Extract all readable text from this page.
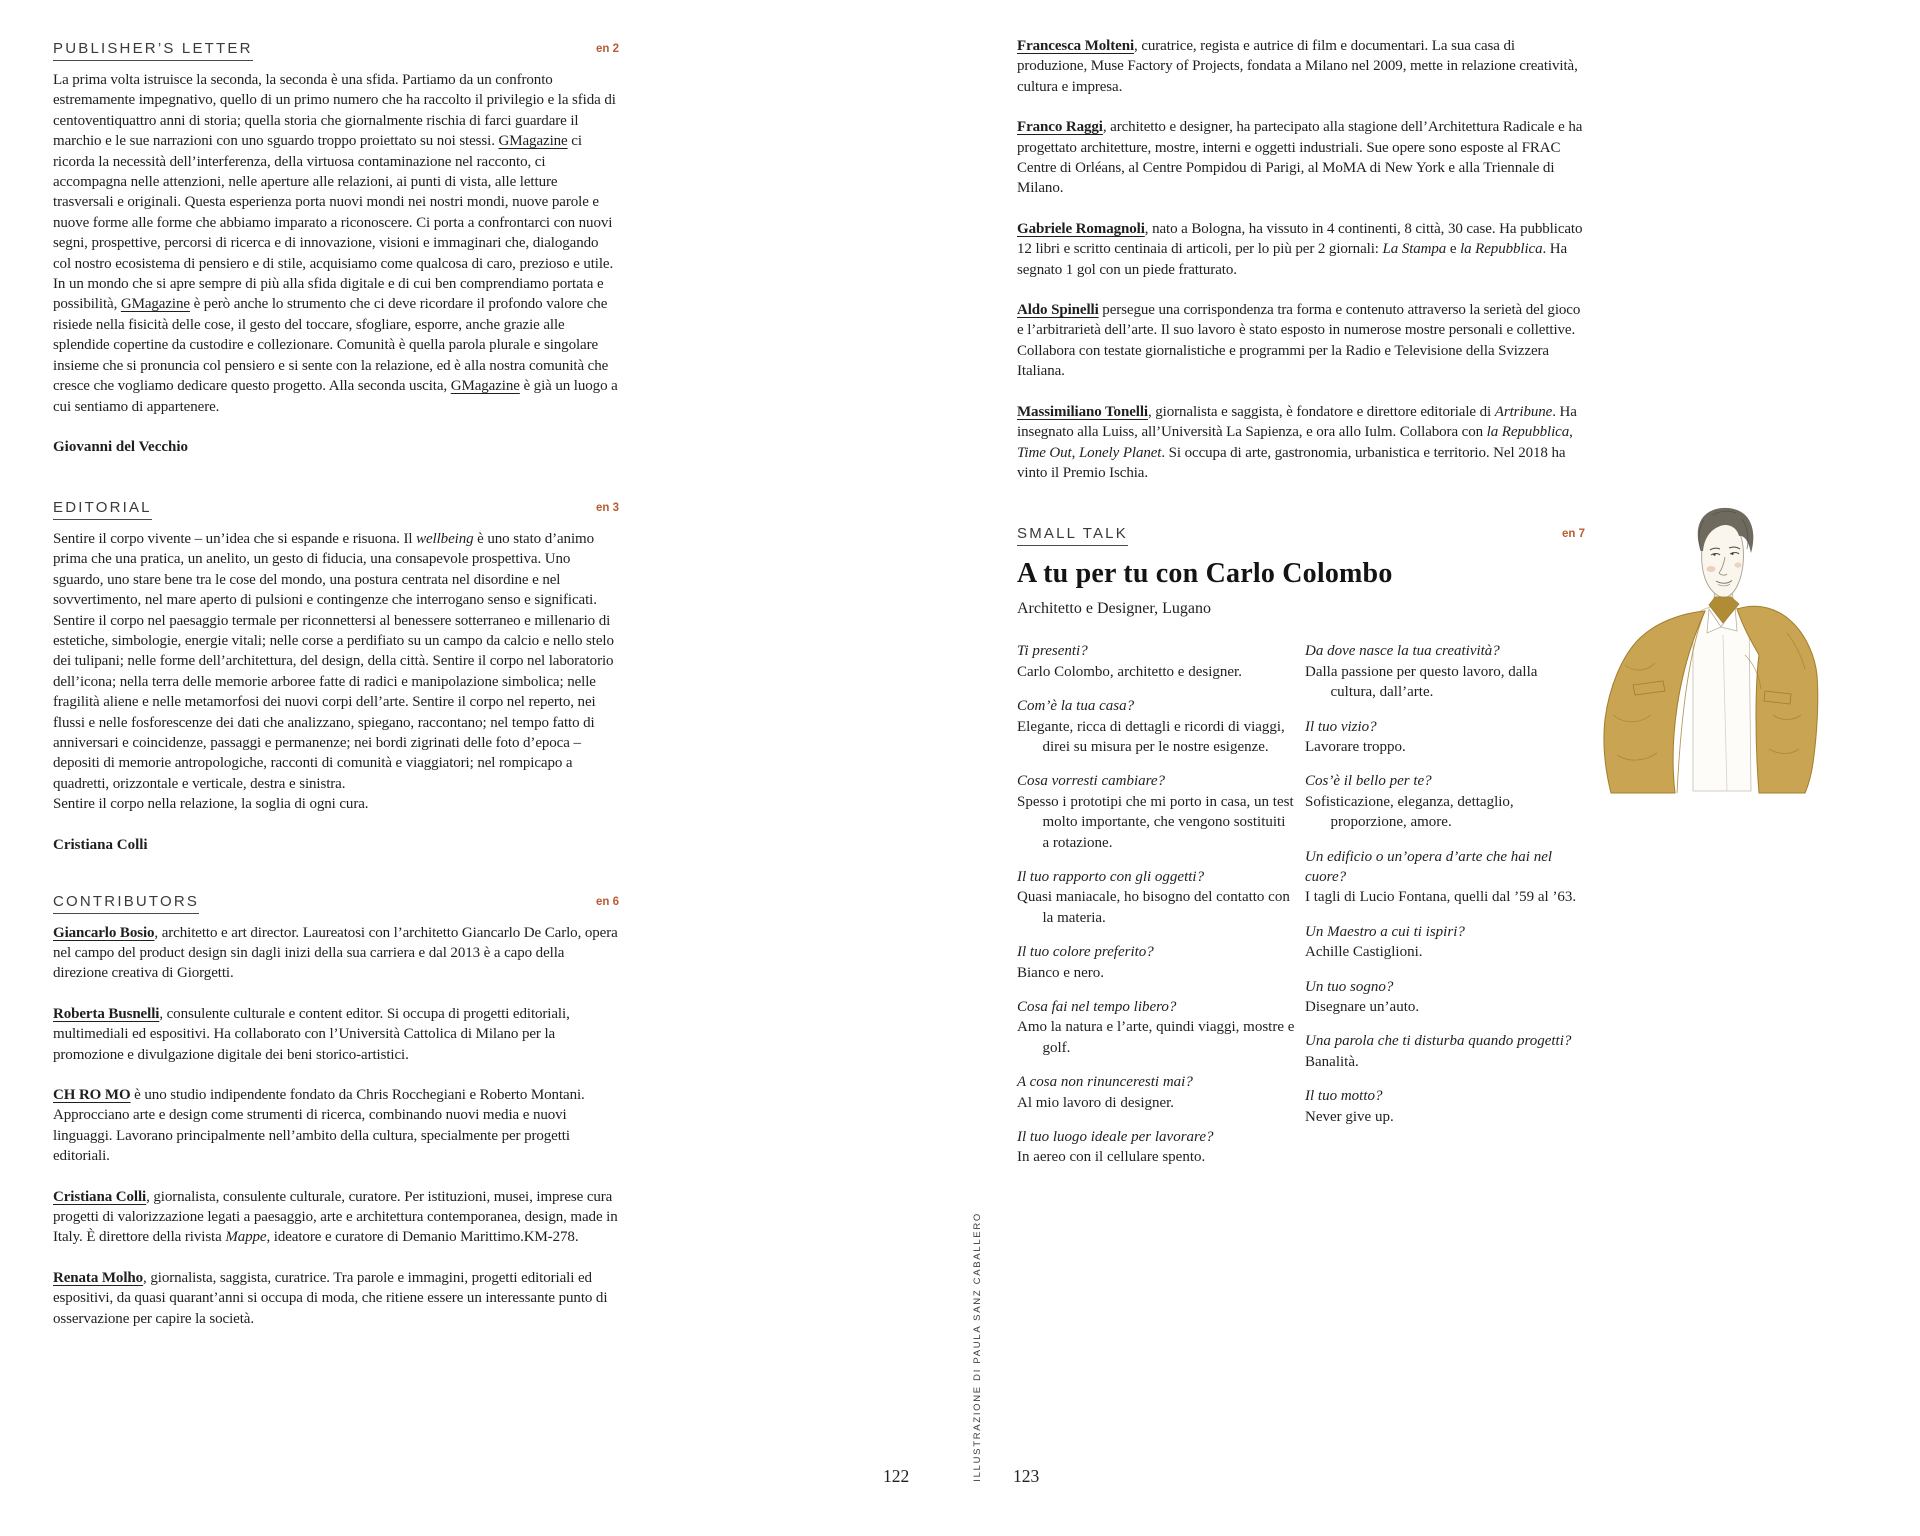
PUBLISHER’S LETTER	en 2

La prima volta istruisce la seconda, la seconda è una sfida. Partiamo da un confronto estremamente impegnativo, quello di un primo numero che ha raccolto il privilegio e la sfida di centoventiquattro anni di storia; quella storia che giornalmente rischia di farci guardare il marchio e le sue narrazioni con uno sguardo troppo proiettato su noi stessi. GMagazine ci ricorda la necessità dell’interferenza, della virtuosa contaminazione nel racconto, ci accompagna nelle attenzioni, nelle aperture alle relazioni, ai punti di vista, alle letture trasversali e originali. Questa esperienza porta nuovi mondi nei nostri mondi, nuove parole e nuove forme alle forme che abbiamo imparato a riconoscere. Ci porta a confrontarci con nuovi segni, prospettive, percorsi di ricerca e di innovazione, visioni e immaginari che, dialogando col nostro ecosistema di pensiero e di stile, acquisiamo come qualcosa di caro, prezioso e utile. In un mondo che si apre sempre di più alla sfida digitale e di cui ben comprendiamo portata e possibilità, GMagazine è però anche lo strumento che ci deve ricordare il profondo valore che risiede nella fisicità delle cose, il gesto del toccare, sfogliare, esporre, anche grazie alle splendide copertine da custodire e collezionare. Comunità è quella parola plurale e singolare insieme che si pronuncia col pensiero e si sente con la relazione, ed è alla nostra comunità che cresce che vogliamo dedicare questo progetto. Alla seconda uscita, GMagazine è già un luogo a cui sentiamo di appartenere.

Giovanni del Vecchio

EDITORIAL	en 3

Sentire il corpo vivente – un’idea che si espande e risuona. Il wellbeing è uno stato d’animo prima che una pratica, un anelito, un gesto di fiducia, una consapevole prospettiva. Uno sguardo, uno stare bene tra le cose del mondo, una postura centrata nel disordine e nel sovvertimento, nel mare aperto di pulsioni e contingenze che interrogano senso e significati. Sentire il corpo nel paesaggio termale per riconnettersi al benessere sotterraneo e millenario di estetiche, simbologie, energie vitali; nelle corse a perdifiato su un campo da calcio e nello stelo dei tulipani; nelle forme dell’architettura, del design, della città. Sentire il corpo nel laboratorio dell’icona; nella terra delle memorie arboree fatte di radici e manipolazione simbolica; nelle fragilità aliene e nelle metamorfosi dei nuovi corpi dell’arte. Sentire il corpo nel reperto, nei flussi e nelle fosforescenze dei dati che analizzano, spiegano, raccontano; nel tempo fatto di anniversari e coincidenze, passaggi e permanenze; nei bordi zigrinati delle foto d’epoca – depositi di memorie antropologiche, racconti di comunità e viaggiatori; nel rompicapo a quadretti, orizzontale e verticale, destra e sinistra.

Sentire il corpo nella relazione, la soglia di ogni cura.

Cristiana Colli

CONTRIBUTORS	en 6

Giancarlo Bosio, architetto e art director. Laureatosi con l’architetto Giancarlo De Carlo, opera nel campo del product design sin dagli inizi della sua carriera e dal 2013 è a capo della direzione creativa di Giorgetti.

Roberta Busnelli, consulente culturale e content editor. Si occupa di progetti editoriali, multimediali ed espositivi. Ha collaborato con l’Università Cattolica di Milano per la promozione e divulgazione digitale dei beni storico-artistici.

CH RO MO è uno studio indipendente fondato da Chris Rocchegiani e Roberto Montani. Approcciano arte e design come strumenti di ricerca, combinando nuovi media e nuovi linguaggi. Lavorano principalmente nell’ambito della cultura, specialmente per progetti editoriali.

Cristiana Colli, giornalista, consulente culturale, curatore. Per istituzioni, musei, imprese cura progetti di valorizzazione legati a paesaggio, arte e architettura contemporanea, design, made in Italy. È direttore della rivista Mappe, ideatore e curatore di Demanio Marittimo.KM-278.

Renata Molho, giornalista, saggista, curatrice. Tra parole e immagini, progetti editoriali ed espositivi, da quasi quarant’anni si occupa di moda, che ritiene essere un interessante punto di osservazione per capire la società.

Francesca Molteni, curatrice, regista e autrice di film e documentari. La sua casa di produzione, Muse Factory of Projects, fondata a Milano nel 2009, mette in relazione creatività, cultura e impresa.

Franco Raggi, architetto e designer, ha partecipato alla stagione dell’Architettura Radicale e ha progettato architetture, mostre, interni e oggetti industriali. Sue opere sono esposte al FRAC Centre di Orléans, al Centre Pompidou di Parigi, al MoMA di New York e alla Triennale di Milano.

Gabriele Romagnoli, nato a Bologna, ha vissuto in 4 continenti, 8 città, 30 case. Ha pubblicato 12 libri e scritto centinaia di articoli, per lo più per 2 giornali: La Stampa e la Repubblica. Ha segnato 1 gol con un piede fratturato.

Aldo Spinelli persegue una corrispondenza tra forma e contenuto attraverso la serietà del gioco e l’arbitrarietà dell’arte. Il suo lavoro è stato esposto in numerose mostre personali e collettive. Collabora con testate giornalistiche e programmi per la Radio e Televisione della Svizzera Italiana.

Massimiliano Tonelli, giornalista e saggista, è fondatore e direttore editoriale di Artribune. Ha insegnato alla Luiss, all’Università La Sapienza, e ora allo Iulm. Collabora con la Repubblica, Time Out, Lonely Planet. Si occupa di arte, gastronomia, urbanistica e territorio. Nel 2018 ha vinto il Premio Ischia.

SMALL TALK	en 7
A tu per tu con Carlo Colombo

Architetto e Designer, Lugano

Ti presenti?

Carlo Colombo, architetto e designer.

Com’è la tua casa?

Elegante, ricca di dettagli e ricordi di viaggi, direi su misura per le nostre esigenze.

Cosa vorresti cambiare?

Spesso i prototipi che mi porto in casa, un test molto importante, che vengono sostituiti a rotazione.

Il tuo rapporto con gli oggetti?

Quasi maniacale, ho bisogno del contatto con la materia.

Il tuo colore preferito?

Bianco e nero.

Cosa fai nel tempo libero?

Amo la natura e l’arte, quindi viaggi, mostre e golf.

A cosa non rinunceresti mai?

Al mio lavoro di designer.

Il tuo luogo ideale per lavorare?

In aereo con il cellulare spento.

Da dove nasce la tua creatività?

Dalla passione per questo lavoro, dalla cultura, dall’arte.

Il tuo vizio?

Lavorare troppo.

Cos’è il bello per te?

Sofisticazione, eleganza, dettaglio, proporzione, amore.

Un edificio o un’opera d’arte che hai nel cuore?

I tagli di Lucio Fontana, quelli dal ’59 al ’63.

Un Maestro a cui ti ispiri?

Achille Castiglioni.

Un tuo sogno?

Disegnare un’auto.

Una parola che ti disturba quando progetti?

Banalità.

Il tuo motto?

Never give up.

ILLUSTRAZIONE DI PAULA SANZ CABALLERO
122	123
